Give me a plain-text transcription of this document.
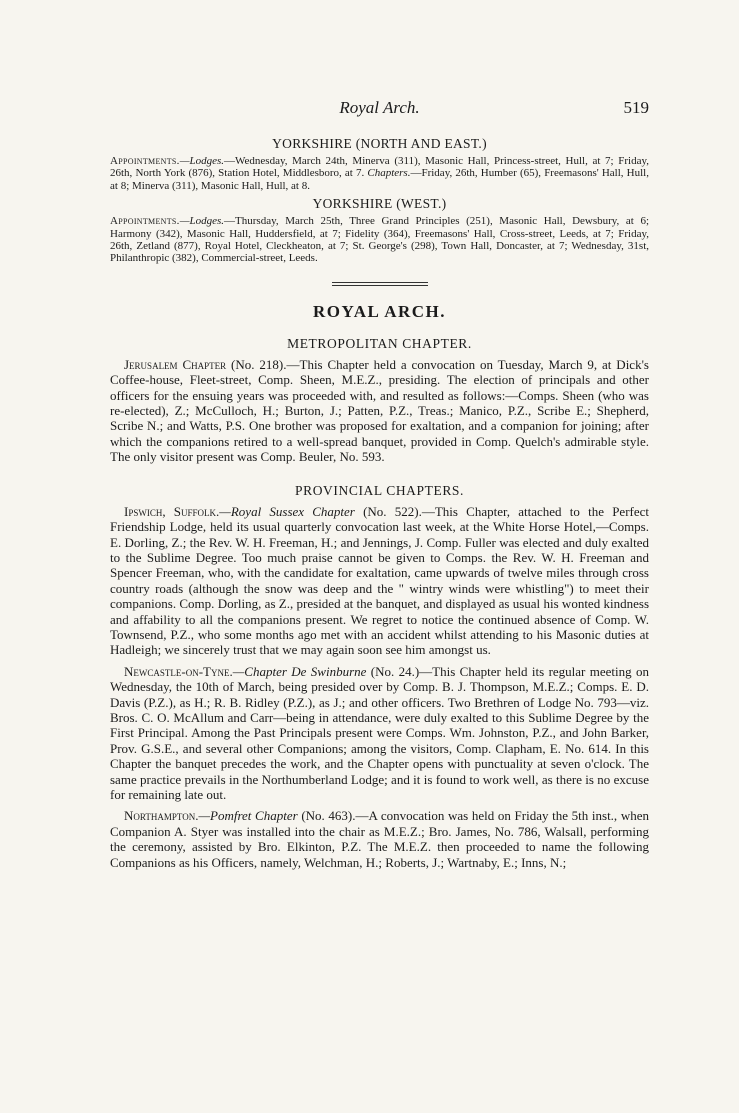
Royal Arch.	519
YORKSHIRE (NORTH AND EAST.)

Appointments.—Lodges.—Wednesday, March 24th, Minerva (311), Masonic Hall, Princess-street, Hull, at 7; Friday, 26th, North York (876), Station Hotel, Middlesboro, at 7. Chapters.—Friday, 26th, Humber (65), Freemasons' Hall, Hull, at 8; Minerva (311), Masonic Hall, Hull, at 8.

YORKSHIRE (WEST.)

Appointments.—Lodges.—Thursday, March 25th, Three Grand Principles (251), Masonic Hall, Dewsbury, at 6; Harmony (342), Masonic Hall, Huddersfield, at 7; Fidelity (364), Freemasons' Hall, Cross-street, Leeds, at 7; Friday, 26th, Zetland (877), Royal Hotel, Cleckheaton, at 7; St. George's (298), Town Hall, Doncaster, at 7; Wednesday, 31st, Philanthropic (382), Commercial-street, Leeds.

ROYAL ARCH.
METROPOLITAN CHAPTER.

Jerusalem Chapter (No. 218).—This Chapter held a convocation on Tuesday, March 9, at Dick's Coffee-house, Fleet-street, Comp. Sheen, M.E.Z., presiding. The election of principals and other officers for the ensuing years was proceeded with, and resulted as follows:—Comps. Sheen (who was re-elected), Z.; McCulloch, H.; Burton, J.; Patten, P.Z., Treas.; Manico, P.Z., Scribe E.; Shepherd, Scribe N.; and Watts, P.S. One brother was proposed for exaltation, and a companion for joining; after which the companions retired to a well-spread banquet, provided in Comp. Quelch's admirable style. The only visitor present was Comp. Beuler, No. 593.

PROVINCIAL CHAPTERS.

Ipswich, Suffolk.—Royal Sussex Chapter (No. 522).—This Chapter, attached to the Perfect Friendship Lodge, held its usual quarterly convocation last week, at the White Horse Hotel,—Comps. E. Dorling, Z.; the Rev. W. H. Freeman, H.; and Jennings, J. Comp. Fuller was elected and duly exalted to the Sublime Degree. Too much praise cannot be given to Comps. the Rev. W. H. Freeman and Spencer Freeman, who, with the candidate for exaltation, came upwards of twelve miles through cross country roads (although the snow was deep and the " wintry winds were whistling") to meet their companions. Comp. Dorling, as Z., presided at the banquet, and displayed as usual his wonted kindness and affability to all the companions present. We regret to notice the continued absence of Comp. W. Townsend, P.Z., who some months ago met with an accident whilst attending to his Masonic duties at Hadleigh; we sincerely trust that we may again soon see him amongst us.

Newcastle-on-Tyne.—Chapter De Swinburne (No. 24.)—This Chapter held its regular meeting on Wednesday, the 10th of March, being presided over by Comp. B. J. Thompson, M.E.Z.; Comps. E. D. Davis (P.Z.), as H.; R. B. Ridley (P.Z.), as J.; and other officers. Two Brethren of Lodge No. 793—viz. Bros. C. O. McAllum and Carr—being in attendance, were duly exalted to this Sublime Degree by the First Principal. Among the Past Principals present were Comps. Wm. Johnston, P.Z., and John Barker, Prov. G.S.E., and several other Companions; among the visitors, Comp. Clapham, E. No. 614. In this Chapter the banquet precedes the work, and the Chapter opens with punctuality at seven o'clock. The same practice prevails in the Northumberland Lodge; and it is found to work well, as there is no excuse for remaining late out.

Northampton.—Pomfret Chapter (No. 463).—A convocation was held on Friday the 5th inst., when Companion A. Styer was installed into the chair as M.E.Z.; Bro. James, No. 786, Walsall, performing the ceremony, assisted by Bro. Elkinton, P.Z. The M.E.Z. then proceeded to name the following Companions as his Officers, namely, Welchman, H.; Roberts, J.; Wartnaby, E.; Inns, N.;
